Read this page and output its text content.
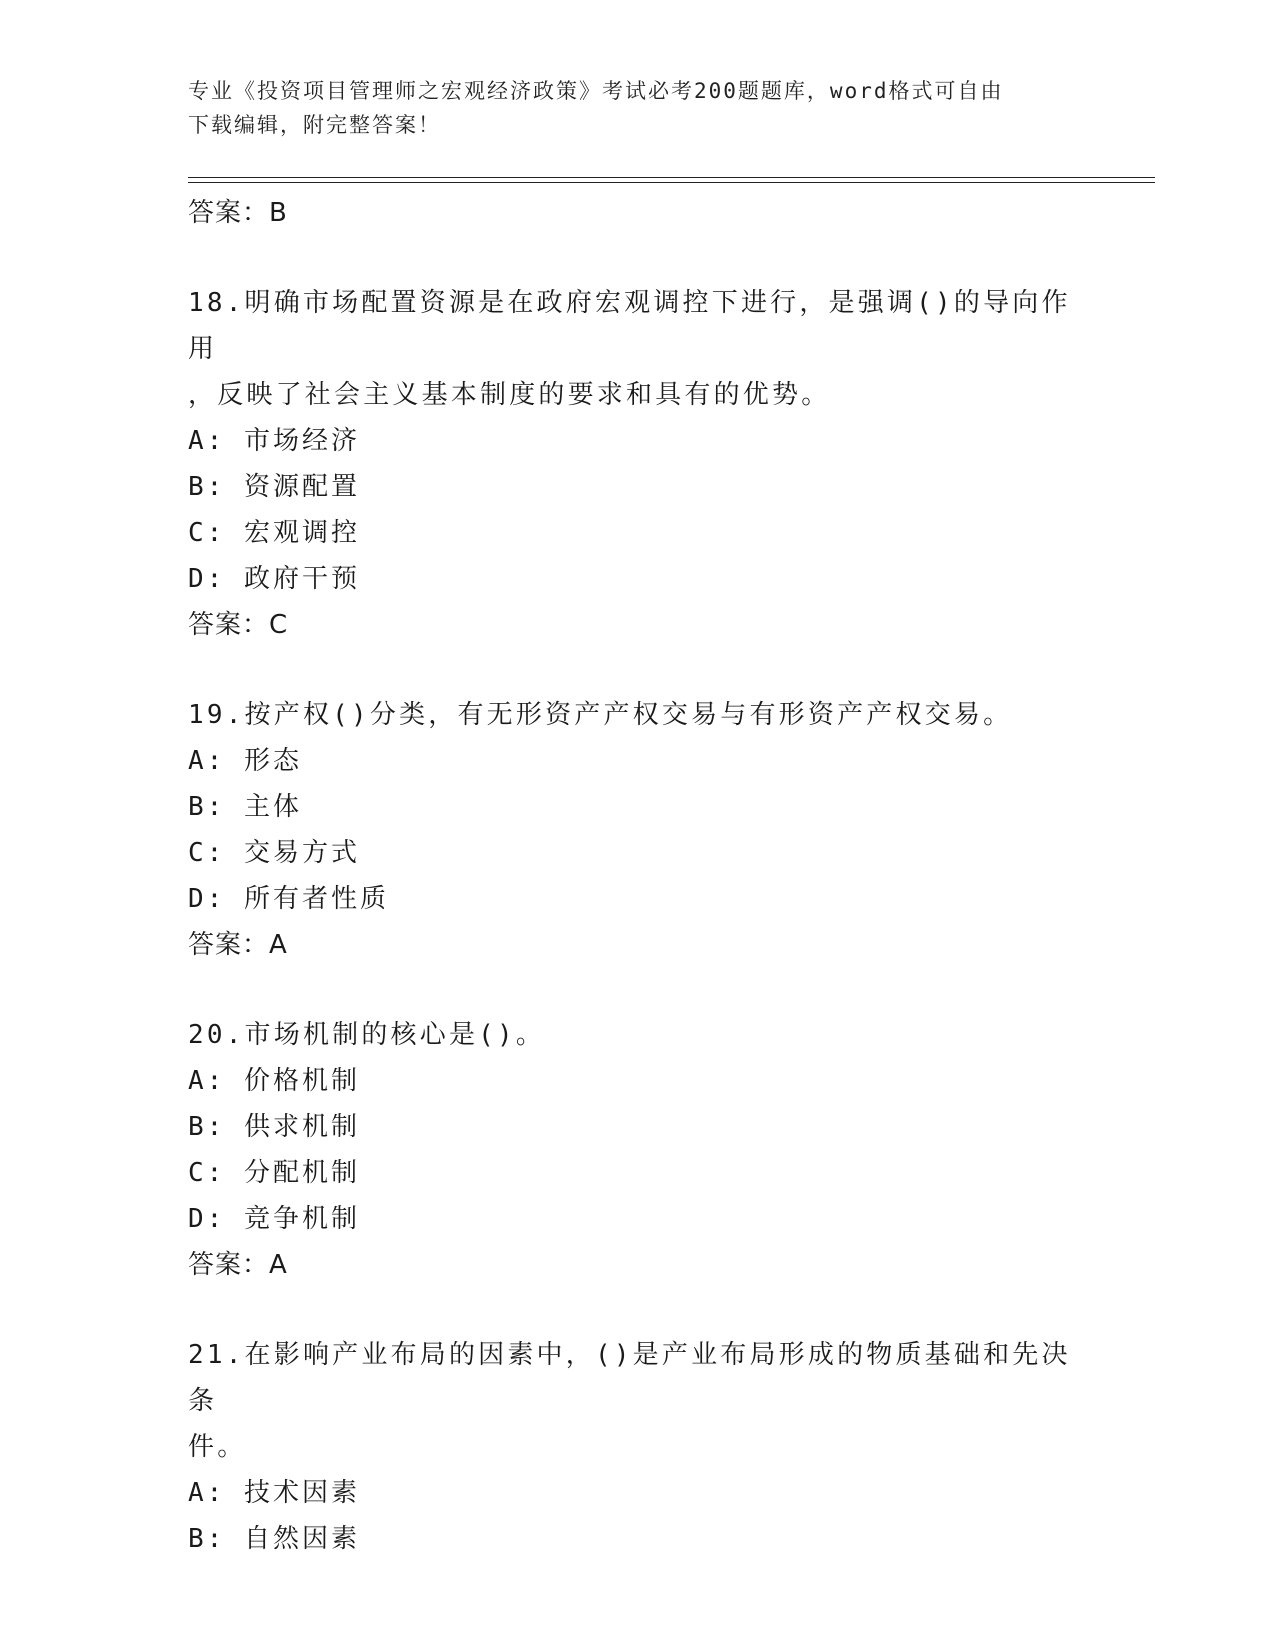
专业《投资项目管理师之宏观经济政策》考试必考200题题库，word格式可自由
下载编辑，附完整答案！
答案：B
18.明确市场配置资源是在政府宏观调控下进行，是强调()的导向作用
，反映了社会主义基本制度的要求和具有的优势。
A: 市场经济
B: 资源配置
C: 宏观调控
D: 政府干预
答案：C
19.按产权()分类，有无形资产产权交易与有形资产产权交易。
A: 形态
B: 主体
C: 交易方式
D: 所有者性质
答案：A
20.市场机制的核心是()。
A: 价格机制
B: 供求机制
C: 分配机制
D: 竞争机制
答案：A
21.在影响产业布局的因素中，()是产业布局形成的物质基础和先决条
件。
A: 技术因素
B: 自然因素
